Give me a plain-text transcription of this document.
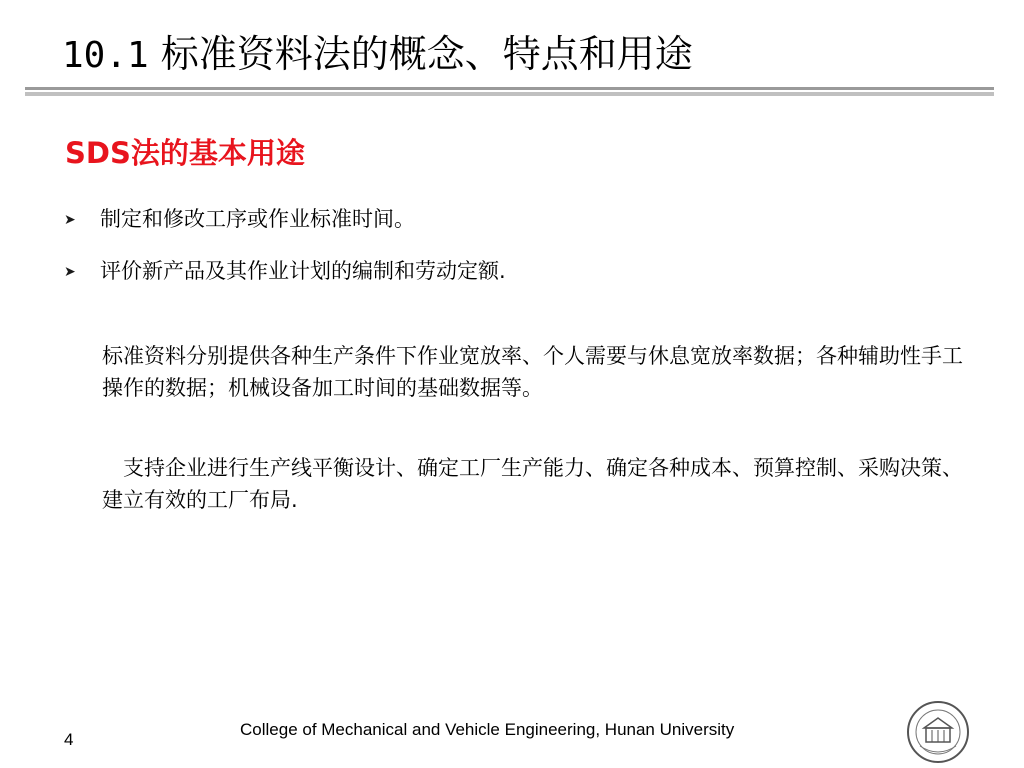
10.1 标准资料法的概念、特点和用途
SDS法的基本用途
➤ 制定和修改工序或作业标准时间。
➤ 评价新产品及其作业计划的编制和劳动定额.
标准资料分别提供各种生产条件下作业宽放率、个人需要与休息宽放率数据；各种辅助性手工操作的数据；机械设备加工时间的基础数据等。
　支持企业进行生产线平衡设计、确定工厂生产能力、确定各种成本、预算控制、采购决策、建立有效的工厂布局.
4
College of Mechanical and Vehicle Engineering, Hunan University
